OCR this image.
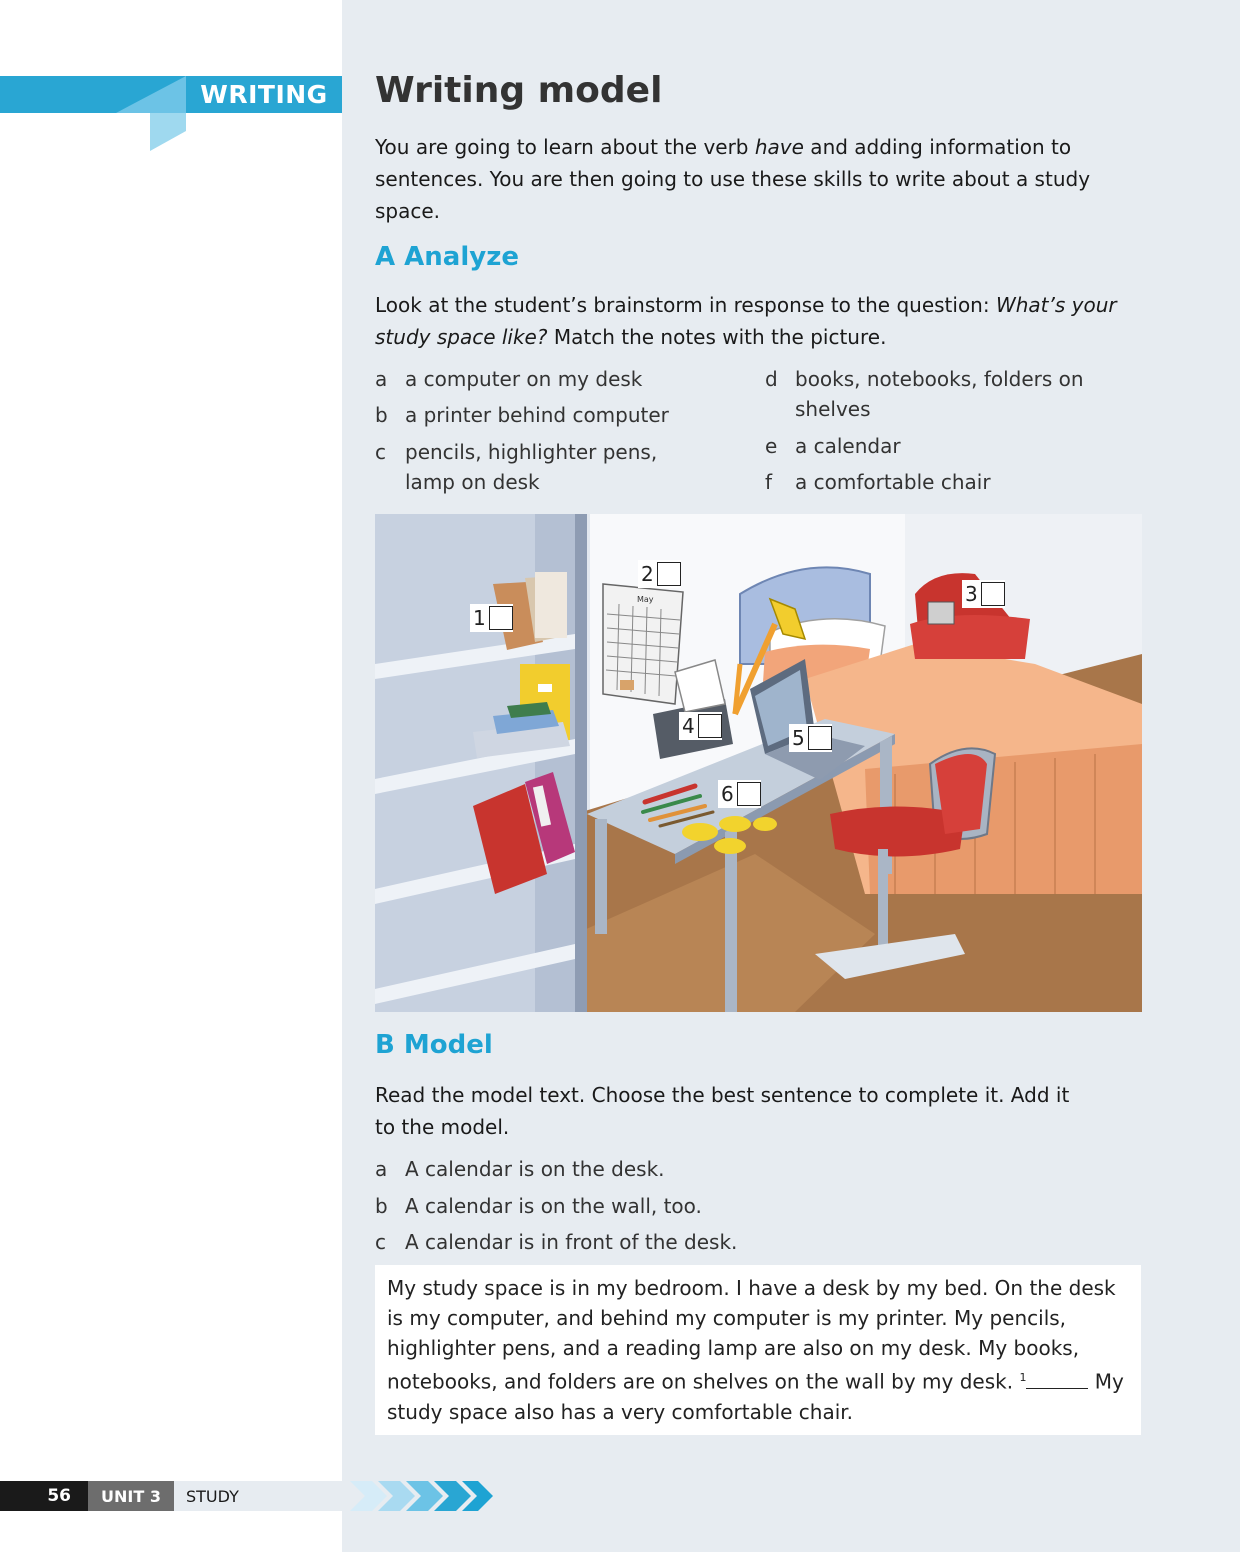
WRITING	Writing model

You are going to learn about the verb have and adding information to sentences. You are then going to use these skills to write about a study space.

A Analyze

Look at the student’s brainstorm in response to the question: What’s your study space like? Match the notes with the picture.

a a computer on my desk
b a printer behind computer
c pencils, highlighter pens, lamp on desk
d books, notebooks, folders on shelves
e a calendar
f	a comfortable chair
May
1
2
3
4	5
6
B Model

Read the model text. Choose the best sentence to complete it. Add it to the model.

a A calendar is on the desk.
b A calendar is on the wall, too.
c A calendar is in front of the desk.
My study space is in my bedroom. I have a desk by my bed. On the desk is my computer, and behind my computer is my printer. My pencils, highlighter pens, and a reading lamp are also on my desk. My books, notebooks, and folders are on shelves on the wall by my desk. $^1$	My study space also has a very comfortable chair.
56	UNIT 3	STUDY
